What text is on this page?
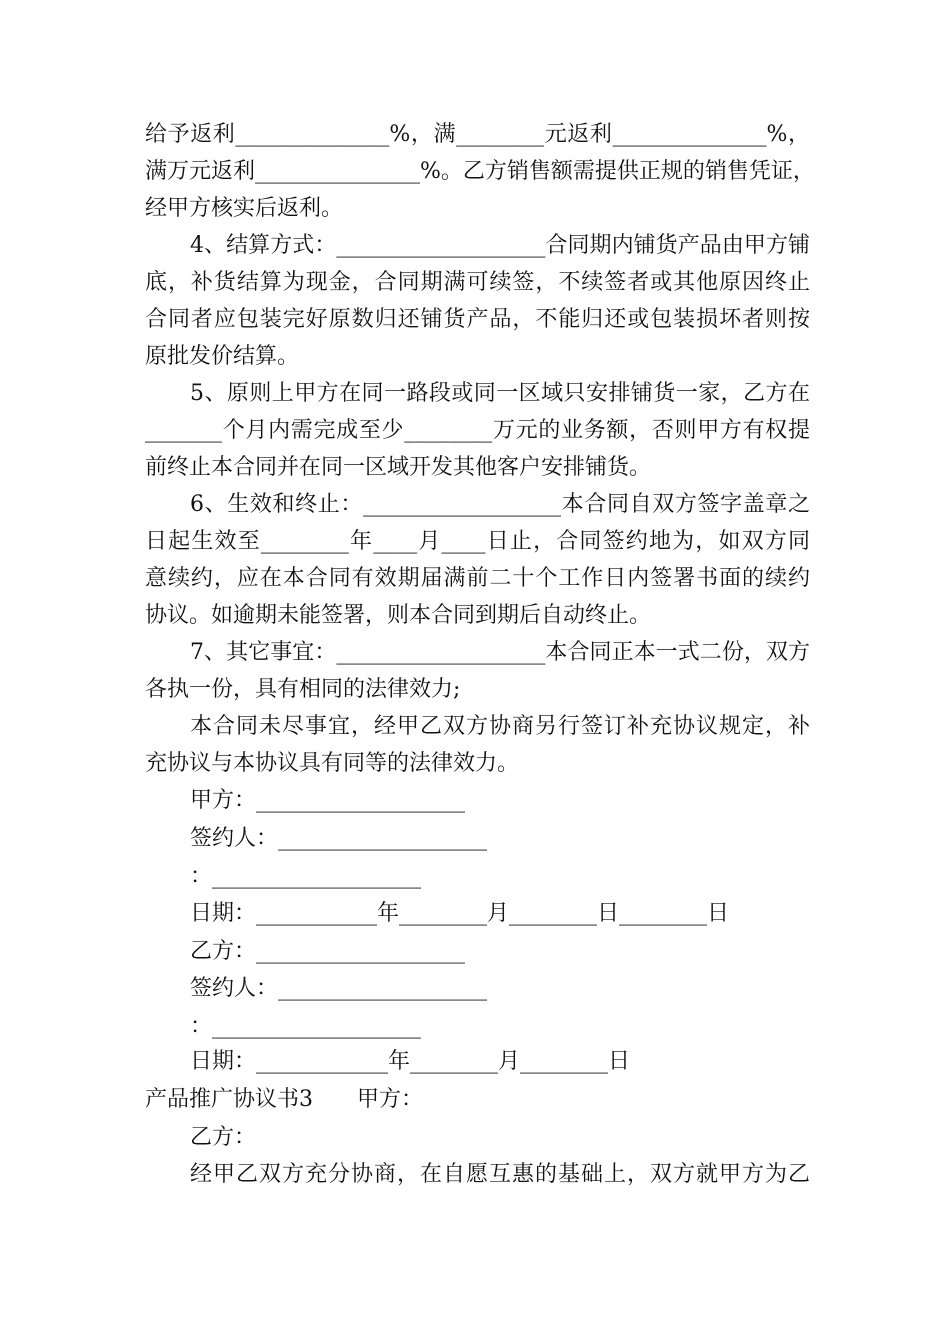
给予返利______________%，满________元返利______________%，
满万元返利_______________%。乙方销售额需提供正规的销售凭证，
经甲方核实后返利。
4、结算方式：___________________合同期内铺货产品由甲方铺
底，补货结算为现金，合同期满可续签，不续签者或其他原因终止
合同者应包装完好原数归还铺货产品，不能归还或包装损坏者则按
原批发价结算。
5、原则上甲方在同一路段或同一区域只安排铺货一家，乙方在
_______个月内需完成至少________万元的业务额，否则甲方有权提
前终止本合同并在同一区域开发其他客户安排铺货。
6、生效和终止：__________________本合同自双方签字盖章之
日起生效至________年____月____日止，合同签约地为，如双方同
意续约，应在本合同有效期届满前二十个工作日内签署书面的续约
协议。如逾期未能签署，则本合同到期后自动终止。
7、其它事宜：___________________本合同正本一式二份，双方
各执一份，具有相同的法律效力;
本合同未尽事宜，经甲乙双方协商另行签订补充协议规定，补
充协议与本协议具有同等的法律效力。
甲方：___________________
签约人：___________________
：___________________
日期：___________年________月________日________日
乙方：___________________
签约人：___________________
：___________________
日期：____________年________月________日
产品推广协议书3　　甲方：
乙方：
经甲乙双方充分协商，在自愿互惠的基础上，双方就甲方为乙
